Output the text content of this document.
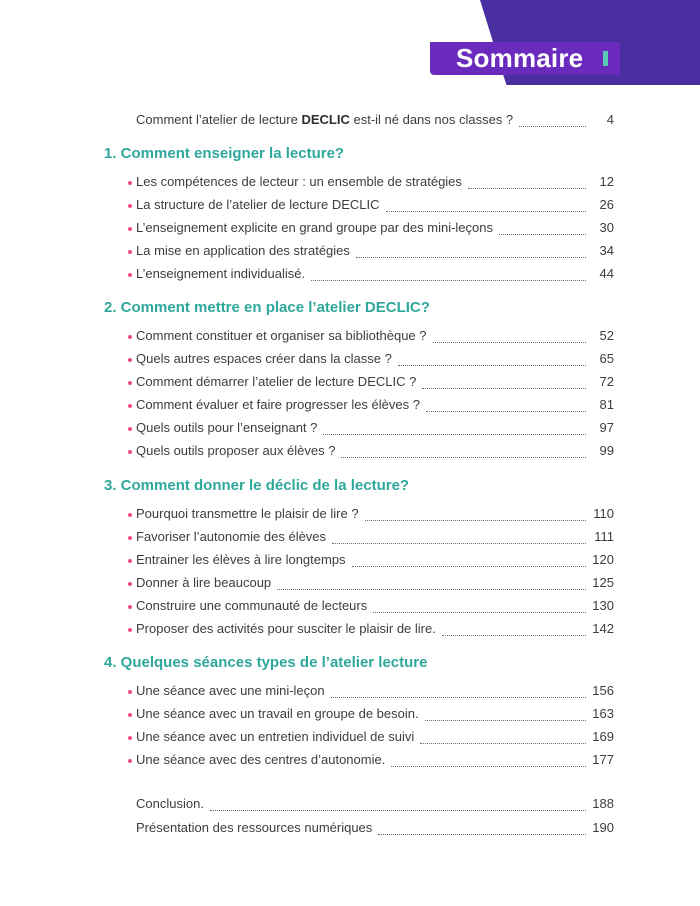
Sommaire
Comment l’atelier de lecture DECLIC est-il né dans nos classes ?	4
1. Comment enseigner la lecture?
Les compétences de lecteur : un ensemble de stratégies	12
La structure de l’atelier de lecture DECLIC	26
L’enseignement explicite en grand groupe par des mini-leçons	30
La mise en application des stratégies	34
L’enseignement individualisé.	44
2. Comment mettre en place l’atelier DECLIC?
Comment constituer et organiser sa bibliothèque ?	52
Quels autres espaces créer dans la classe ?	65
Comment démarrer l’atelier de lecture DECLIC ?	72
Comment évaluer et faire progresser les élèves ?	81
Quels outils pour l’enseignant ?	97
Quels outils proposer aux élèves ?	99
3. Comment donner le déclic de la lecture?
Pourquoi transmettre le plaisir de lire ?	110
Favoriser l’autonomie des élèves	111
Entrainer les élèves à lire longtemps	120
Donner à lire beaucoup	125
Construire une communauté de lecteurs	130
Proposer des activités pour susciter le plaisir de lire.	142
4. Quelques séances types de l’atelier lecture
Une séance avec une mini-leçon	156
Une séance avec un travail en groupe de besoin.	163
Une séance avec un entretien individuel de suivi	169
Une séance avec des centres d’autonomie.	177
Conclusion.	188
Présentation des ressources numériques	190
